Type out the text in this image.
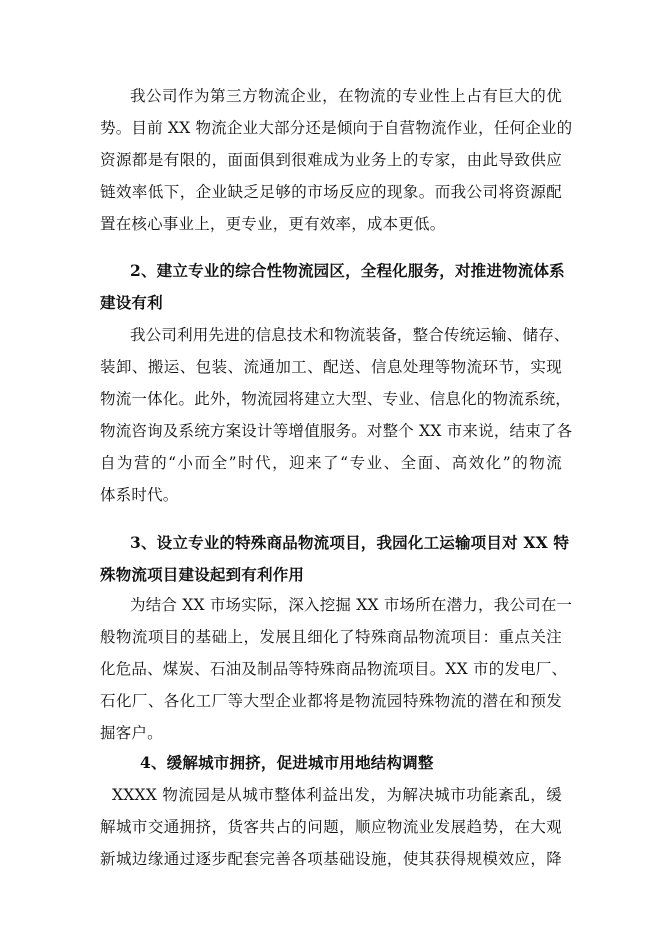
我公司作为第三方物流企业，在物流的专业性上占有巨大的优
势。目前 XX 物流企业大部分还是倾向于自营物流作业，任何企业的
资源都是有限的，面面俱到很难成为业务上的专家，由此导致供应
链效率低下，企业缺乏足够的市场反应的现象。而我公司将资源配
置在核心事业上，更专业，更有效率，成本更低。
2、建立专业的综合性物流园区，全程化服务，对推进物流体系
建设有利
我公司利用先进的信息技术和物流装备，整合传统运输、储存、
装卸、搬运、包装、流通加工、配送、信息处理等物流环节，实现
物流一体化。此外，物流园将建立大型、专业、信息化的物流系统，
物流咨询及系统方案设计等增值服务。对整个 XX 市来说，结束了各
自为营的“小而全”时代，迎来了“专业、全面、高效化”的物流
体系时代。
3、设立专业的特殊商品物流项目，我园化工运输项目对 XX 特
殊物流项目建设起到有利作用
为结合 XX 市场实际，深入挖掘 XX 市场所在潜力，我公司在一
般物流项目的基础上，发展且细化了特殊商品物流项目：重点关注
化危品、煤炭、石油及制品等特殊商品物流项目。XX 市的发电厂、
石化厂、各化工厂等大型企业都将是物流园特殊物流的潜在和预发
掘客户。
4、缓解城市拥挤，促进城市用地结构调整
XXXX 物流园是从城市整体利益出发，为解决城市功能紊乱，缓
解城市交通拥挤，货客共占的问题，顺应物流业发展趋势，在大观
新城边缘通过逐步配套完善各项基础设施，使其获得规模效应，降
